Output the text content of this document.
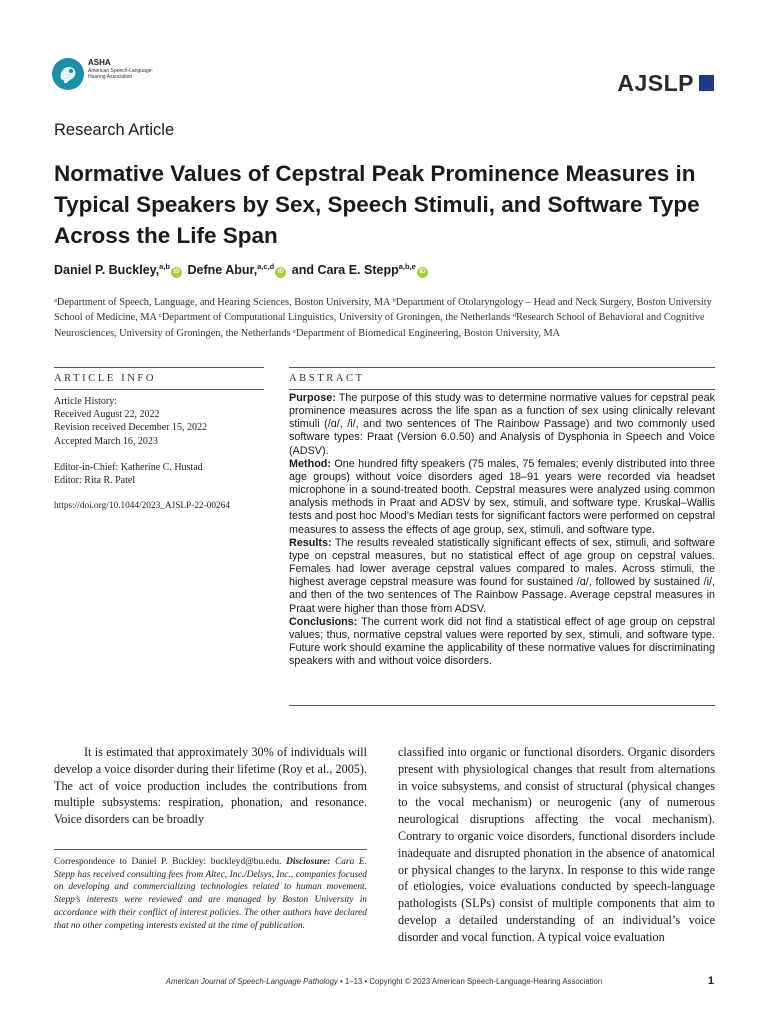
ASHA
American Speech-Language-Hearing Association	AJSLP
Research Article
Normative Values of Cepstral Peak Prominence Measures in Typical Speakers by Sex, Speech Stimuli, and Software Type Across the Life Span
Daniel P. Buckley,$^{a,b}$iD Defne Abur,$^{a,c,d}$iD and Cara E. Stepp$^{a,b,e}$iD
$^a$Department of Speech, Language, and Hearing Sciences, Boston University, MA $^b$Department of Otolaryngology – Head and Neck Surgery, Boston University School of Medicine, MA $^c$Department of Computational Linguistics, University of Groningen, the Netherlands $^d$Research School of Behavioral and Cognitive Neurosciences, University of Groningen, the Netherlands $^e$Department of Biomedical Engineering, Boston University, MA
ARTICLE INFO

Article History:

Received August 22, 2022

Revision received December 15, 2022

Accepted March 16, 2023

Editor-in-Chief: Katherine C. Hustad

Editor: Rita R. Patel

https://doi.org/10.1044/2023_AJSLP-22-00264

ABSTRACT

Purpose: The purpose of this study was to determine normative values for cepstral peak prominence measures across the life span as a function of sex using clinically relevant stimuli (/ɑ/, /i/, and two sentences of The Rainbow Passage) and two commonly used software types: Praat (Version 6.0.50) and Analysis of Dysphonia in Speech and Voice (ADSV).

Method: One hundred fifty speakers (75 males, 75 females; evenly distributed into three age groups) without voice disorders aged 18–91 years were recorded via headset microphone in a sound-treated booth. Cepstral measures were analyzed using common analysis methods in Praat and ADSV by sex, stimuli, and software type. Kruskal–Wallis tests and post hoc Mood’s Median tests for significant factors were performed on cepstral measures to assess the effects of age group, sex, stimuli, and software type.

Results: The results revealed statistically significant effects of sex, stimuli, and software type on cepstral measures, but no statistical effect of age group on cepstral values. Females had lower average cepstral values compared to males. Across stimuli, the highest average cepstral measure was found for sustained /ɑ/, followed by sustained /i/, and then of the two sentences of The Rainbow Passage. Average cepstral measures in Praat were higher than those from ADSV.

Conclusions: The current work did not find a statistical effect of age group on cepstral values; thus, normative cepstral values were reported by sex, stimuli, and software type. Future work should examine the applicability of these normative values for discriminating speakers with and without voice disorders.

It is estimated that approximately 30% of individuals will develop a voice disorder during their lifetime (Roy et al., 2005). The act of voice production includes the contributions from multiple subsystems: respiration, phonation, and resonance. Voice disorders can be broadly
classified into organic or functional disorders. Organic disorders present with physiological changes that result from alternations in voice subsystems, and consist of structural (physical changes to the vocal mechanism) or neurogenic (any of numerous neurological disruptions affecting the vocal mechanism). Contrary to organic voice disorders, functional disorders include inadequate and disrupted phonation in the absence of anatomical or physical changes to the larynx. In response to this wide range of etiologies, voice evaluations conducted by speech-language pathologists (SLPs) consist of multiple components that aim to develop a detailed understanding of an individual’s voice disorder and vocal function. A typical voice evaluation
Correspondence to Daniel P. Buckley: buckleyd@bu.edu. Disclosure: Cara E. Stepp has received consulting fees from Altec, Inc./Delsys, Inc., companies focused on developing and commercializing technologies related to human movement. Stepp’s interests were reviewed and are managed by Boston University in accordance with their conflict of interest policies. The other authors have declared that no other competing interests existed at the time of publication.
American Journal of Speech-Language Pathology • 1–13 • Copyright © 2023 American Speech-Language-Hearing Association	1
